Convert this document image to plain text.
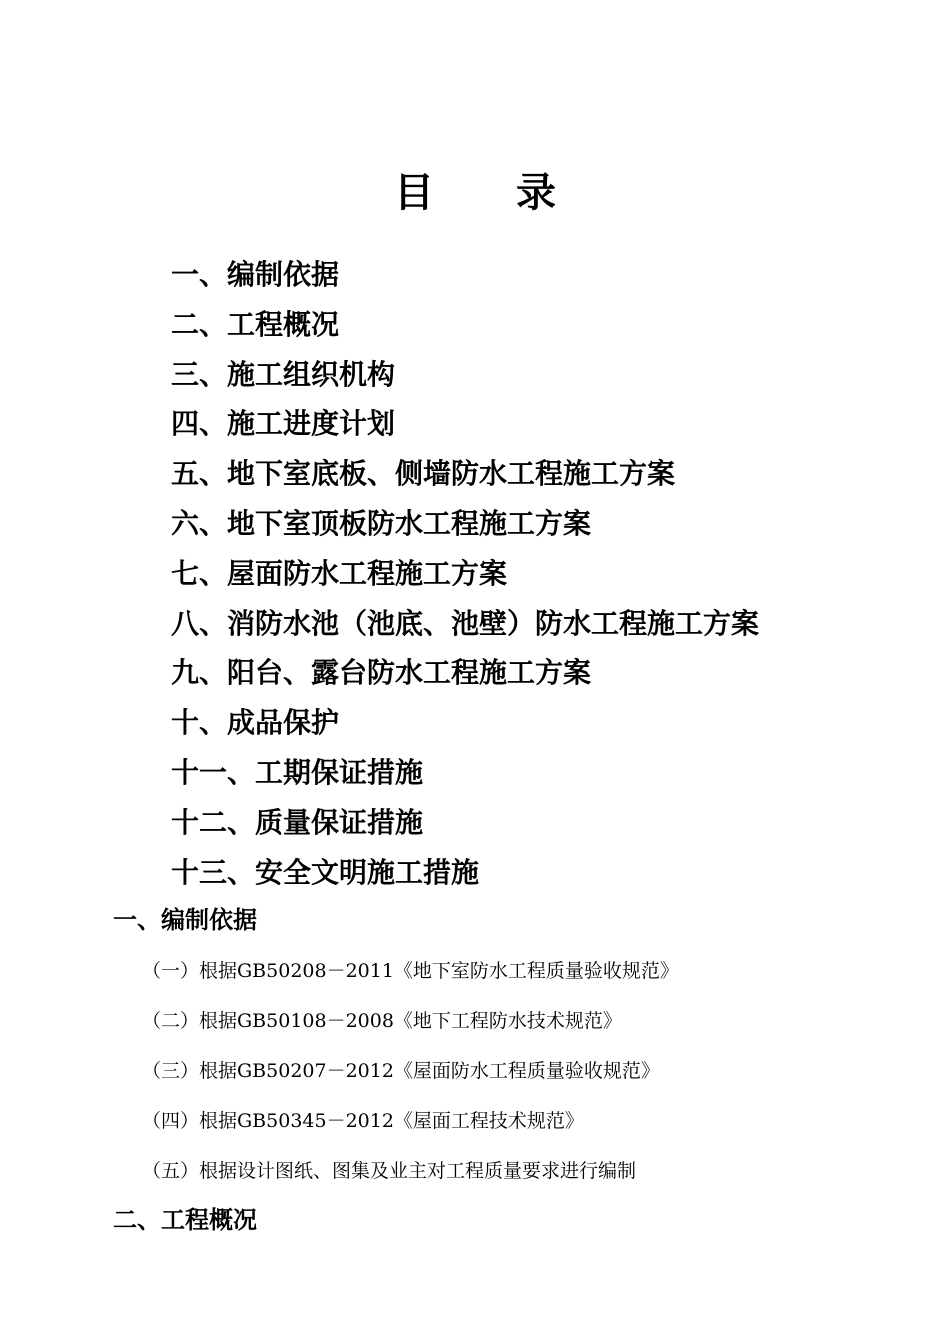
目 录
一、编制依据
二、工程概况
三、施工组织机构
四、施工进度计划
五、地下室底板、侧墙防水工程施工方案
六、地下室顶板防水工程施工方案
七、屋面防水工程施工方案
八、消防水池（池底、池壁）防水工程施工方案
九、阳台、露台防水工程施工方案
十、成品保护
十一、工期保证措施
十二、质量保证措施
十三、安全文明施工措施
一、编制依据
（一）根据GB50208－2011《地下室防水工程质量验收规范》
（二）根据GB50108－2008《地下工程防水技术规范》
（三）根据GB50207－2012《屋面防水工程质量验收规范》
（四）根据GB50345－2012《屋面工程技术规范》
（五）根据设计图纸、图集及业主对工程质量要求进行编制
二、工程概况
